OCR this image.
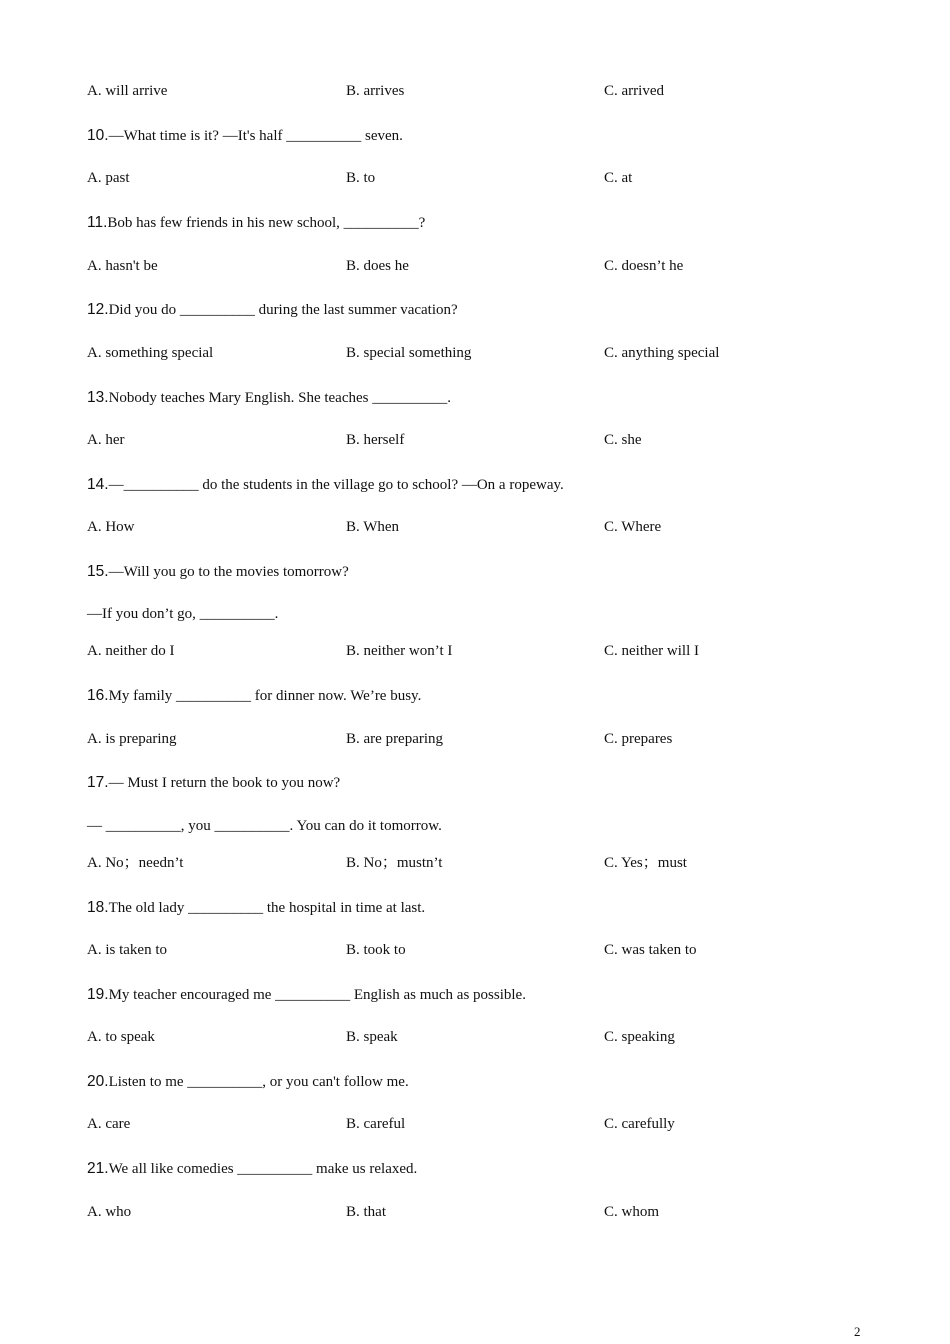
A. will arrive	B. arrives	C. arrived
10.—What time is it? —It's half __________ seven.
A. past	B. to	C. at
11.Bob has few friends in his new school, __________?
A. hasn't be	B. does he	C. doesn’t he
12.Did you do __________ during the last summer vacation?
A. something special	B. special something	C. anything special
13.Nobody teaches Mary English. She teaches __________.
A. her	B. herself	C. she
14.—__________ do the students in the village go to school? —On a ropeway.
A. How	B. When	C. Where
15.—Will you go to the movies tomorrow?
—If you don’t go, __________.
A. neither do I	B. neither won’t I	C. neither will I
16.My family __________ for dinner now. We’re busy.
A. is preparing	B. are preparing	C. prepares
17.— Must I return the book to you now?
— __________, you __________. You can do it tomorrow.
A. No；needn’t	B. No；mustn’t	C. Yes；must
18.The old lady __________ the hospital in time at last.
A. is taken to	B. took to	C. was taken to
19.My teacher encouraged me __________ English as much as possible.
A. to speak	B. speak	C. speaking
20.Listen to me __________, or you can't follow me.
A. care	B. careful	C. carefully
21.We all like comedies __________ make us relaxed.
A. who	B. that	C. whom
2
